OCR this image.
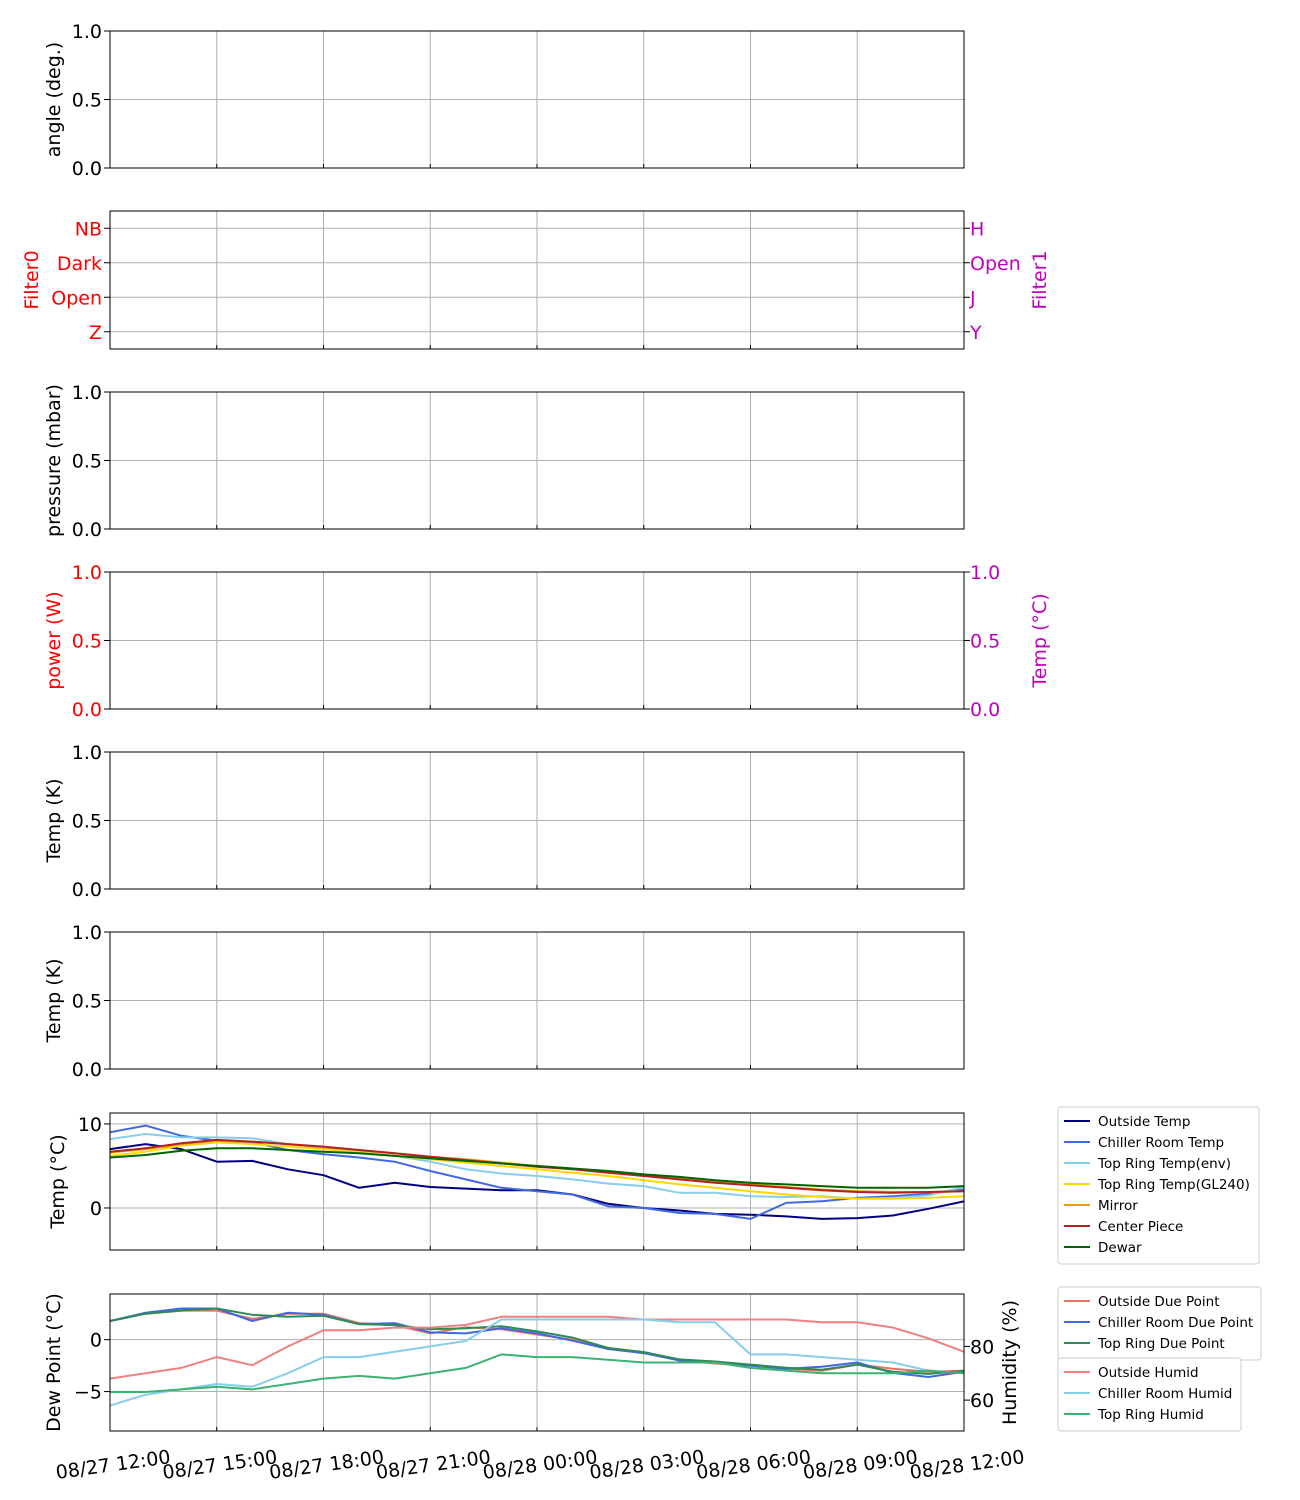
0.0
0.5
1.0
angle (deg.)
Z
Open
Dark
NB
Y
J
Open
H
Filter0	Filter1
0.0
0.5
1.0
pressure (mbar)
0.0
0.5
1.0
0.0
0.5
1.0
power (W)	Temp (°C)
0.0
0.5
1.0
Temp (K)
0.0
0.5
1.0
Temp (K)
0
10
Temp (°C)
−5
0
60
80
Dew Point (°C)	Humidity (%)
08/27 12:00
08/27 15:00
08/27 18:00
08/27 21:00
08/28 00:00
08/28 03:00
08/28 06:00
08/28 09:00
08/28 12:00
Outside Temp
Chiller Room Temp
Top Ring Temp(env)
Top Ring Temp(GL240)
Mirror
Center Piece
Dewar
Outside Due Point
Chiller Room Due Point
Top Ring Due Point
Outside Humid
Chiller Room Humid
Top Ring Humid
